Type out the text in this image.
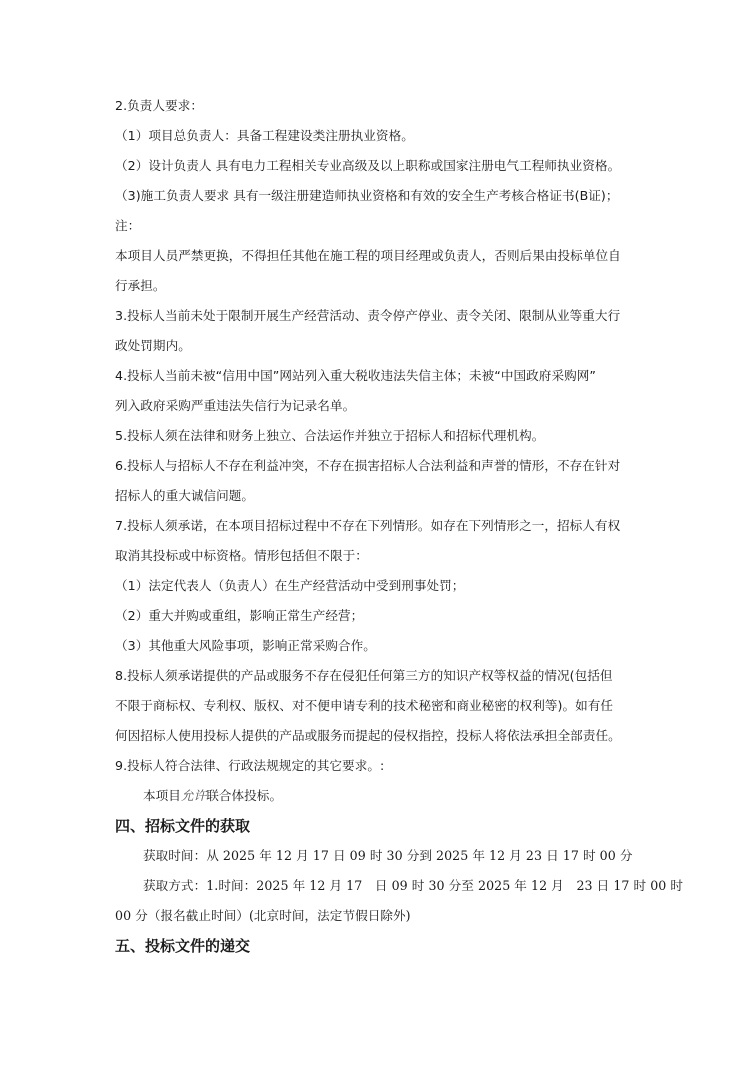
2.负责人要求：
（1）项目总负责人：具备工程建设类注册执业资格。
（2）设计负责人 具有电力工程相关专业高级及以上职称或国家注册电气工程师执业资格。
（3)施工负责人要求 具有一级注册建造师执业资格和有效的安全生产考核合格证书(B证)；
注：
本项目人员严禁更换，不得担任其他在施工程的项目经理或负责人，否则后果由投标单位自
行承担。
3.投标人当前未处于限制开展生产经营活动、责令停产停业、责令关闭、限制从业等重大行
政处罚期内。
4.投标人当前未被“信用中国”网站列入重大税收违法失信主体；未被“中国政府采购网”
列入政府采购严重违法失信行为记录名单。
5.投标人须在法律和财务上独立、合法运作并独立于招标人和招标代理机构。
6.投标人与招标人不存在利益冲突，不存在损害招标人合法利益和声誉的情形，不存在针对
招标人的重大诚信问题。
7.投标人须承诺，在本项目招标过程中不存在下列情形。如存在下列情形之一，招标人有权
取消其投标或中标资格。情形包括但不限于：
（1）法定代表人（负责人）在生产经营活动中受到刑事处罚；
（2）重大并购或重组，影响正常生产经营；
（3）其他重大风险事项，影响正常采购合作。
8.投标人须承诺提供的产品或服务不存在侵犯任何第三方的知识产权等权益的情况(包括但
不限于商标权、专利权、版权、对不便申请专利的技术秘密和商业秘密的权利等)。如有任
何因招标人使用投标人提供的产品或服务而提起的侵权指控，投标人将依法承担全部责任。
9.投标人符合法律、行政法规规定的其它要求。:
本项目允许联合体投标。
四、招标文件的获取
获取时间：从 2025 年 12 月 17 日 09 时 30 分到 2025 年 12 月 23 日 17 时 00 分
获取方式：1.时间：2025 年 12 月 17　日 09 时 30 分至 2025 年 12 月　23 日 17 时 00 时
00 分（报名截止时间）(北京时间，法定节假日除外)
五、投标文件的递交
